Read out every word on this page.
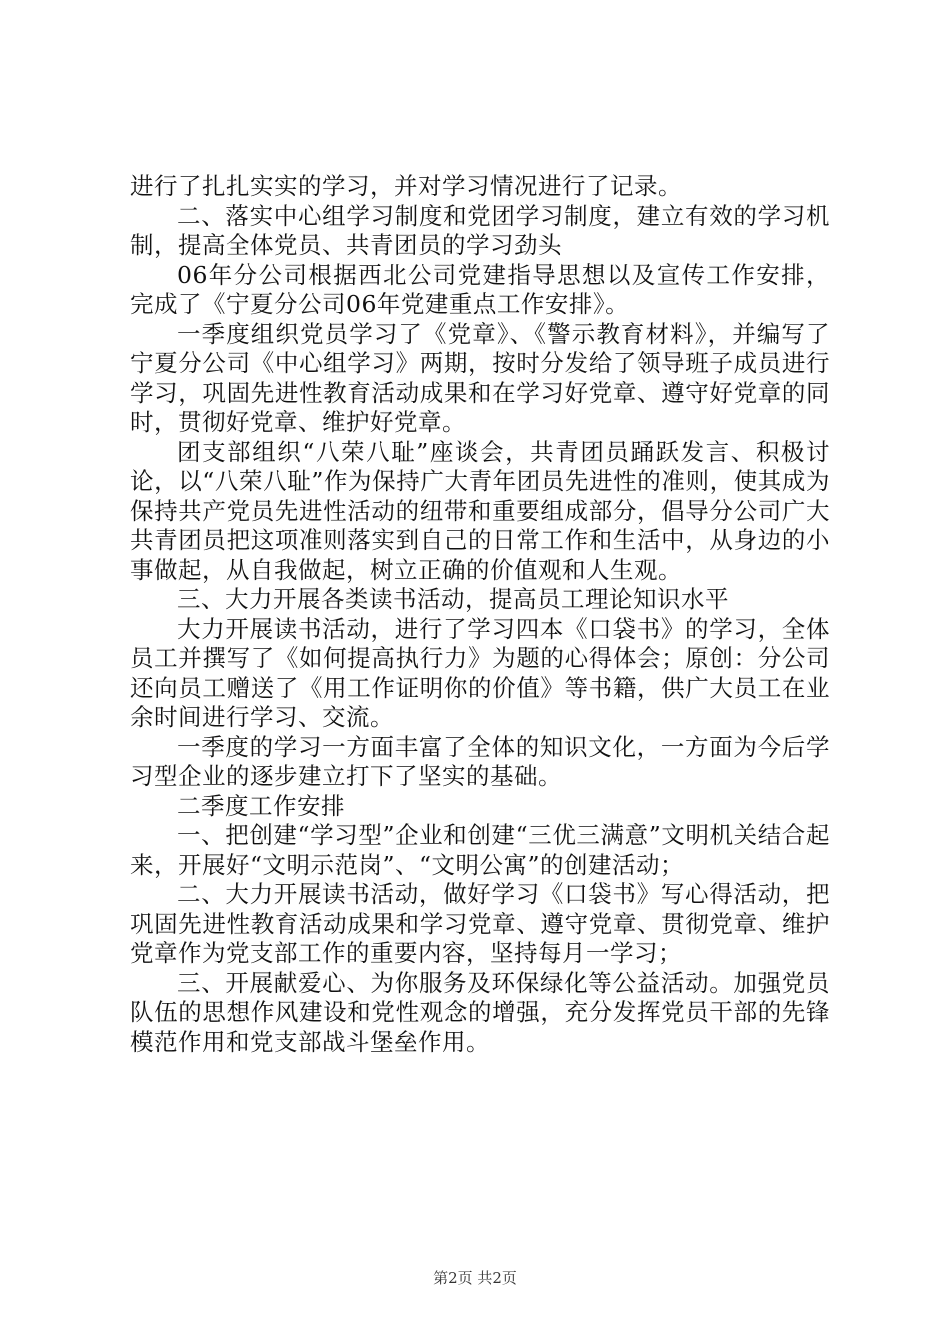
进行了扎扎实实的学习，并对学习情况进行了记录。

二、落实中心组学习制度和党团学习制度，建立有效的学习机制，提高全体党员、共青团员的学习劲头

06年分公司根据西北公司党建指导思想以及宣传工作安排，完成了《宁夏分公司06年党建重点工作安排》。

一季度组织党员学习了《党章》、《警示教育材料》，并编写了宁夏分公司《中心组学习》两期，按时分发给了领导班子成员进行学习，巩固先进性教育活动成果和在学习好党章、遵守好党章的同时，贯彻好党章、维护好党章。

团支部组织“八荣八耻”座谈会，共青团员踊跃发言、积极讨论，以“八荣八耻”作为保持广大青年团员先进性的准则，使其成为保持共产党员先进性活动的纽带和重要组成部分，倡导分公司广大共青团员把这项准则落实到自己的日常工作和生活中，从身边的小事做起，从自我做起，树立正确的价值观和人生观。

三、大力开展各类读书活动，提高员工理论知识水平

大力开展读书活动，进行了学习四本《口袋书》的学习，全体员工并撰写了《如何提高执行力》为题的心得体会；原创：分公司还向员工赠送了《用工作证明你的价值》等书籍，供广大员工在业余时间进行学习、交流。

一季度的学习一方面丰富了全体的知识文化，一方面为今后学习型企业的逐步建立打下了坚实的基础。

二季度工作安排

一、把创建“学习型”企业和创建“三优三满意”文明机关结合起来，开展好“文明示范岗”、“文明公寓”的创建活动；

二、大力开展读书活动，做好学习《口袋书》写心得活动，把巩固先进性教育活动成果和学习党章、遵守党章、贯彻党章、维护党章作为党支部工作的重要内容，坚持每月一学习；

三、开展献爱心、为你服务及环保绿化等公益活动。加强党员队伍的思想作风建设和党性观念的增强，充分发挥党员干部的先锋模范作用和党支部战斗堡垒作用。

第2页 共2页
